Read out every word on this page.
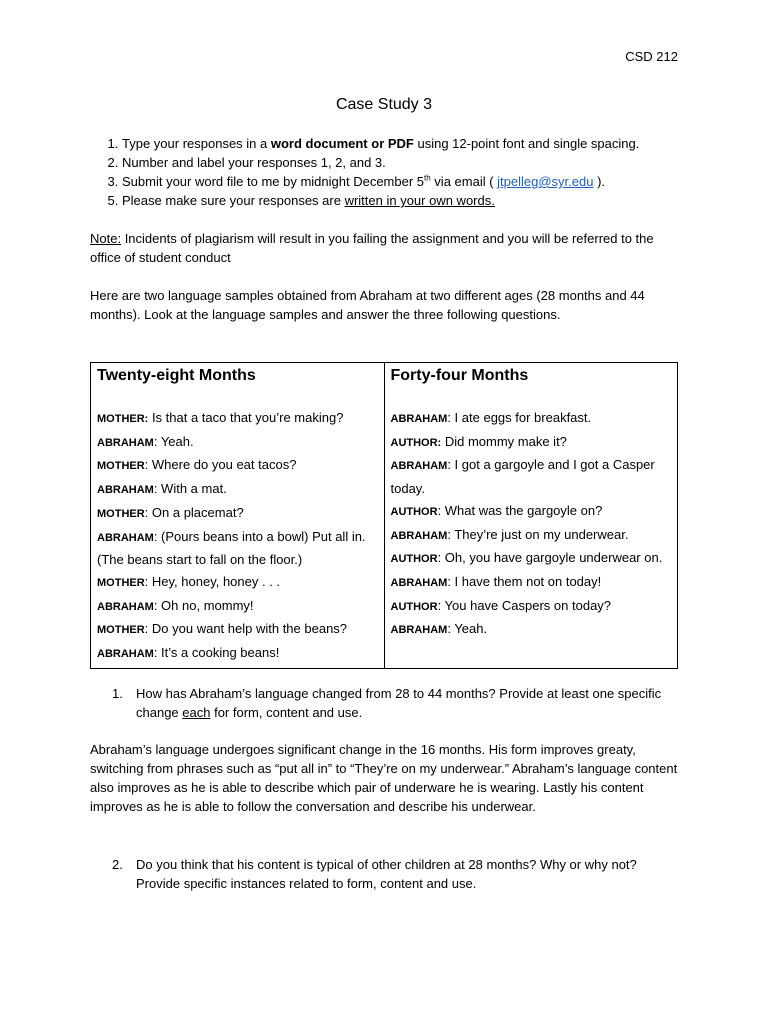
CSD 212
Case Study 3
1. Type your responses in a word document or PDF using 12-point font and single spacing.
2. Number and label your responses 1, 2, and 3.
3. Submit your word file to me by midnight December 5th via email ( jtpelleg@syr.edu ).
5. Please make sure your responses are written in your own words.

Note: Incidents of plagiarism will result in you failing the assignment and you will be referred to the office of student conduct

Here are two language samples obtained from Abraham at two different ages (28 months and 44 months). Look at the language samples and answer the three following questions.

Twenty-eight Months
MOTHER: Is that a taco that you’re making?
ABRAHAM: Yeah.
MOTHER: Where do you eat tacos?
ABRAHAM: With a mat.
MOTHER: On a placemat?
ABRAHAM: (Pours beans into a bowl) Put all in. (The beans start to fall on the floor.)
MOTHER: Hey, honey, honey . . .
ABRAHAM: Oh no, mommy!
MOTHER: Do you want help with the beans?
ABRAHAM: It’s a cooking beans!

Forty-four Months
ABRAHAM: I ate eggs for breakfast.
AUTHOR: Did mommy make it?
ABRAHAM: I got a gargoyle and I got a Casper today.
AUTHOR: What was the gargoyle on?
ABRAHAM: They’re just on my underwear.
AUTHOR: Oh, you have gargoyle underwear on.
ABRAHAM: I have them not on today!
AUTHOR: You have Caspers on today?
ABRAHAM: Yeah.
1. How has Abraham’s language changed from 28 to 44 months? Provide at least one specific change each for form, content and use.

Abraham’s language undergoes significant change in the 16 months. His form improves greaty, switching from phrases such as “put all in” to “They’re on my underwear.” Abraham’s language content also improves as he is able to describe which pair of underware he is wearing. Lastly his content improves as he is able to follow the conversation and describe his underwear.

2. Do you think that his content is typical of other children at 28 months? Why or why not? Provide specific instances related to form, content and use.
